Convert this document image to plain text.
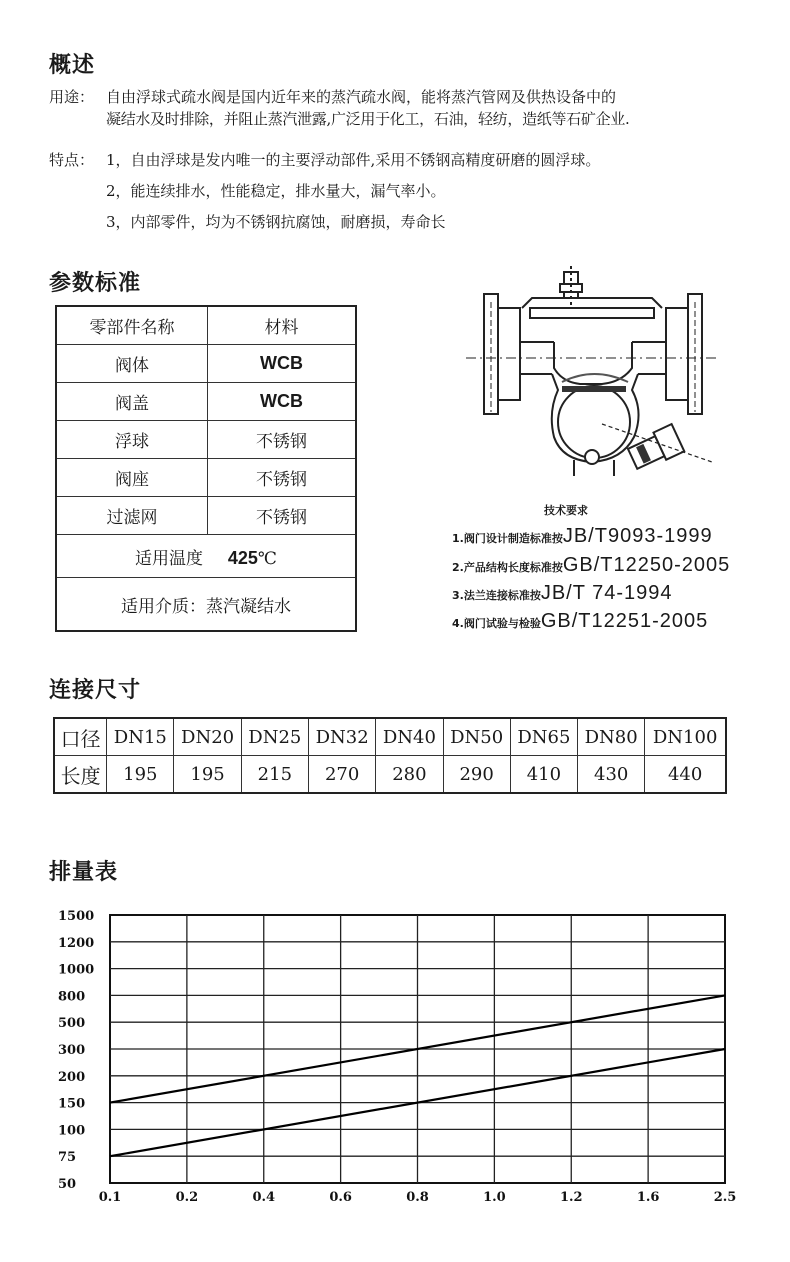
概述
用途： 自由浮球式疏水阀是国内近年来的蒸汽疏水阀，能将蒸汽管网及供热设备中的
凝结水及时排除，并阻止蒸汽泄露,广泛用于化工，石油，轻纺，造纸等石矿企业.
特点： 1，自由浮球是发内唯一的主要浮动部件,采用不锈钢高精度研磨的圆浮球。
2，能连续排水，性能稳定，排水量大，漏气率小。
3，内部零件，均为不锈钢抗腐蚀，耐磨损，寿命长
参数标准
零部件名称	材料
阀体	WCB
阀盖	WCB
浮球	不锈钢
阀座	不锈钢
过滤网	不锈钢
适用温度 425℃	
适用介质：蒸汽凝结水	
技术要求
1.阀门设计制造标准按JB/T9093-1999
2.产品结构长度标准按GB/T12250-2005
3.法兰连接标准按JB/T 74-1994
4.阀门试验与检验GB/T12251-2005
连接尺寸
口径	DN15	DN20	DN25	DN32	DN40	DN50	DN65	DN80	DN100
长度	195	195	215	270	280	290	410	430	440
排量表
1500
1200
1000
800
500
300
200
150
100
75
50
0.1	0.2	0.4	0.6	0.8	1.0	1.2	1.6	2.5
